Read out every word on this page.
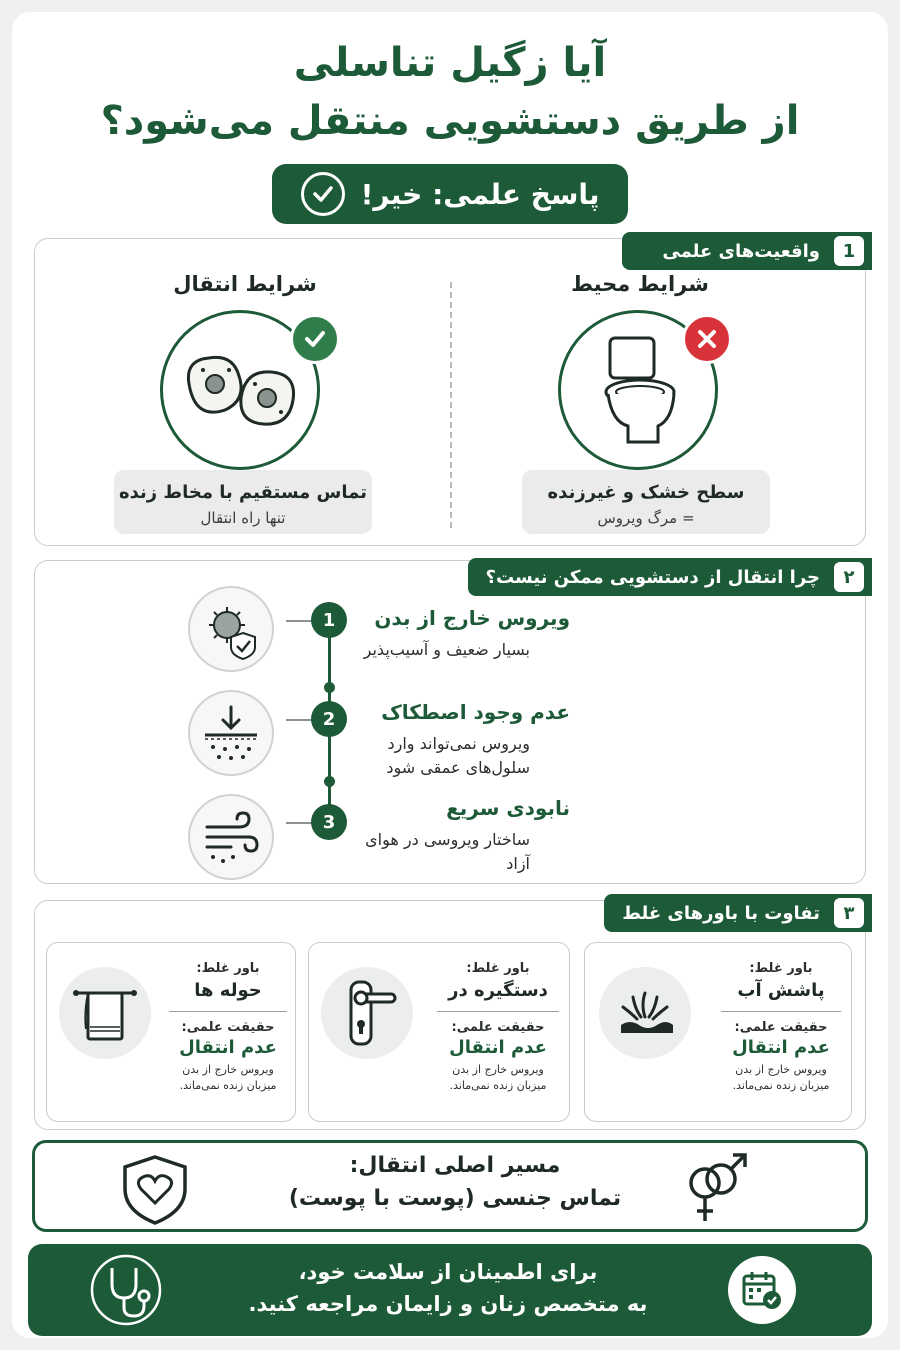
آیا زگیل تناسلی
از طریق دستشویی منتقل می‌شود؟
پاسخ علمی: خیر!
1
واقعیت‌های علمی
شرایط محیط
سطح خشک و غیرزنده
= مرگ ویروس
شرایط انتقال
تماس مستقیم با مخاط زنده
تنها راه انتقال
۲
چرا انتقال از دستشویی ممکن نیست؟
1	ویروس خارج از بدن
بسیار ضعیف و آسیب‌پذیر
2	عدم وجود اصطکاک
ویروس نمی‌تواند وارد سلول‌های عمقی شود
3
نابودی سریع
ساختار ویروسی در هوای آزاد
۳
تفاوت با باورهای غلط
باور غلط:
پاشش آب
حقیقت علمی:
عدم انتقال
ویروس خارج از بدن میزبان زنده نمی‌ماند.
باور غلط:
دستگیره در
حقیقت علمی:
عدم انتقال
ویروس خارج از بدن میزبان زنده نمی‌ماند.
باور غلط:
حوله ها
حقیقت علمی:
عدم انتقال
ویروس خارج از بدن میزبان زنده نمی‌ماند.
مسیر اصلی انتقال:
تماس جنسی (پوست با پوست)
برای اطمینان از سلامت خود،
به متخصص زنان و زایمان مراجعه کنید.
